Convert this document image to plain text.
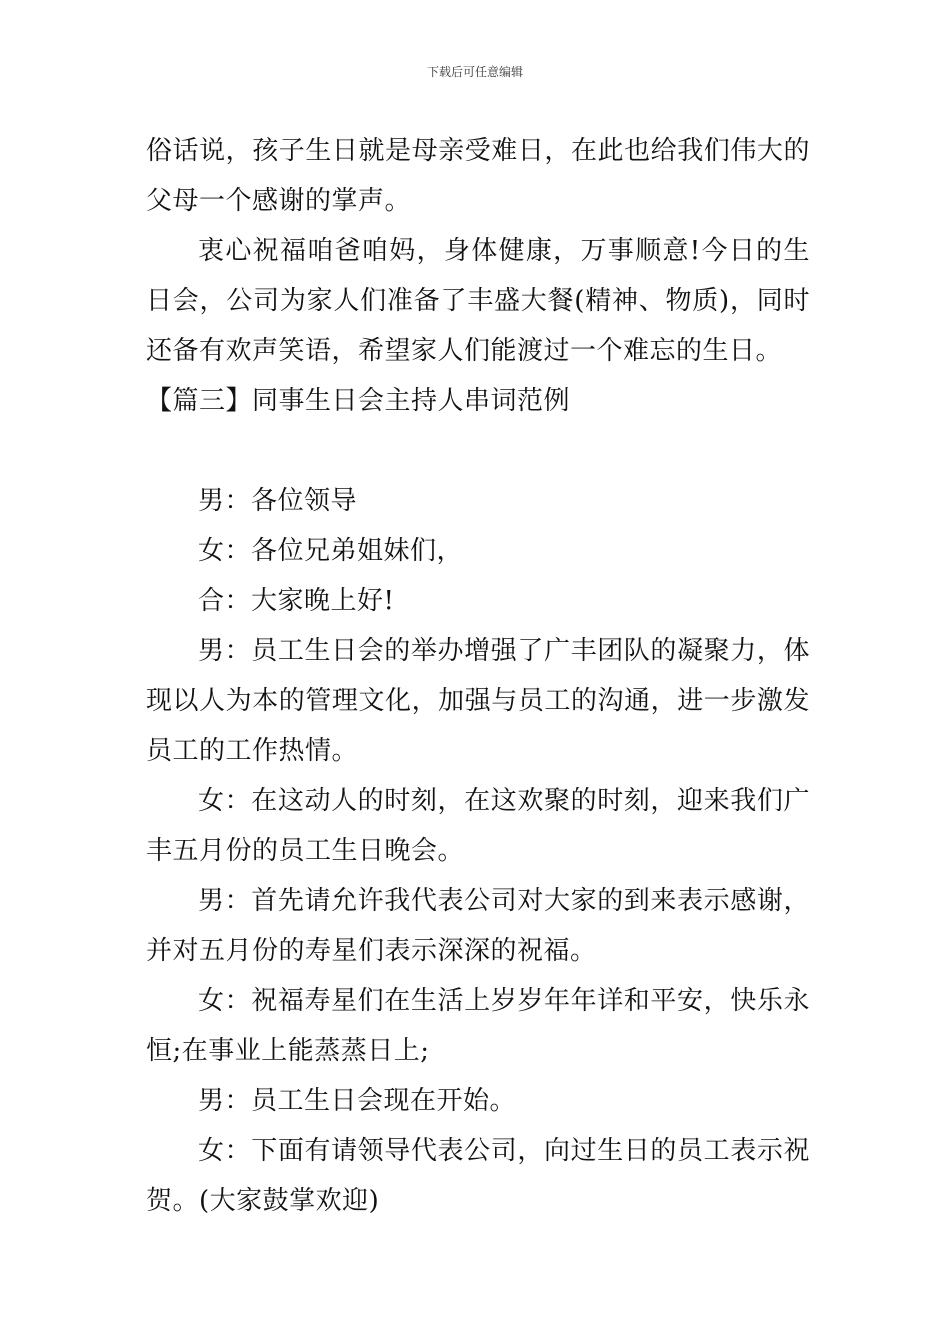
下载后可任意编辑

俗话说，孩子生日就是母亲受难日，在此也给我们伟大的父母一个感谢的掌声。

衷心祝福咱爸咱妈，身体健康，万事顺意!今日的生日会，公司为家人们准备了丰盛大餐(精神、物质)，同时还备有欢声笑语，希望家人们能渡过一个难忘的生日。

【篇三】同事生日会主持人串词范例

男：各位领导

女：各位兄弟姐妹们，

合：大家晚上好!

男：员工生日会的举办增强了广丰团队的凝聚力，体现以人为本的管理文化，加强与员工的沟通，进一步激发员工的工作热情。

女：在这动人的时刻，在这欢聚的时刻，迎来我们广丰五月份的员工生日晚会。

男：首先请允许我代表公司对大家的到来表示感谢，并对五月份的寿星们表示深深的祝福。

女：祝福寿星们在生活上岁岁年年详和平安，快乐永恒;在事业上能蒸蒸日上;

男：员工生日会现在开始。

女：下面有请领导代表公司，向过生日的员工表示祝贺。(大家鼓掌欢迎)
